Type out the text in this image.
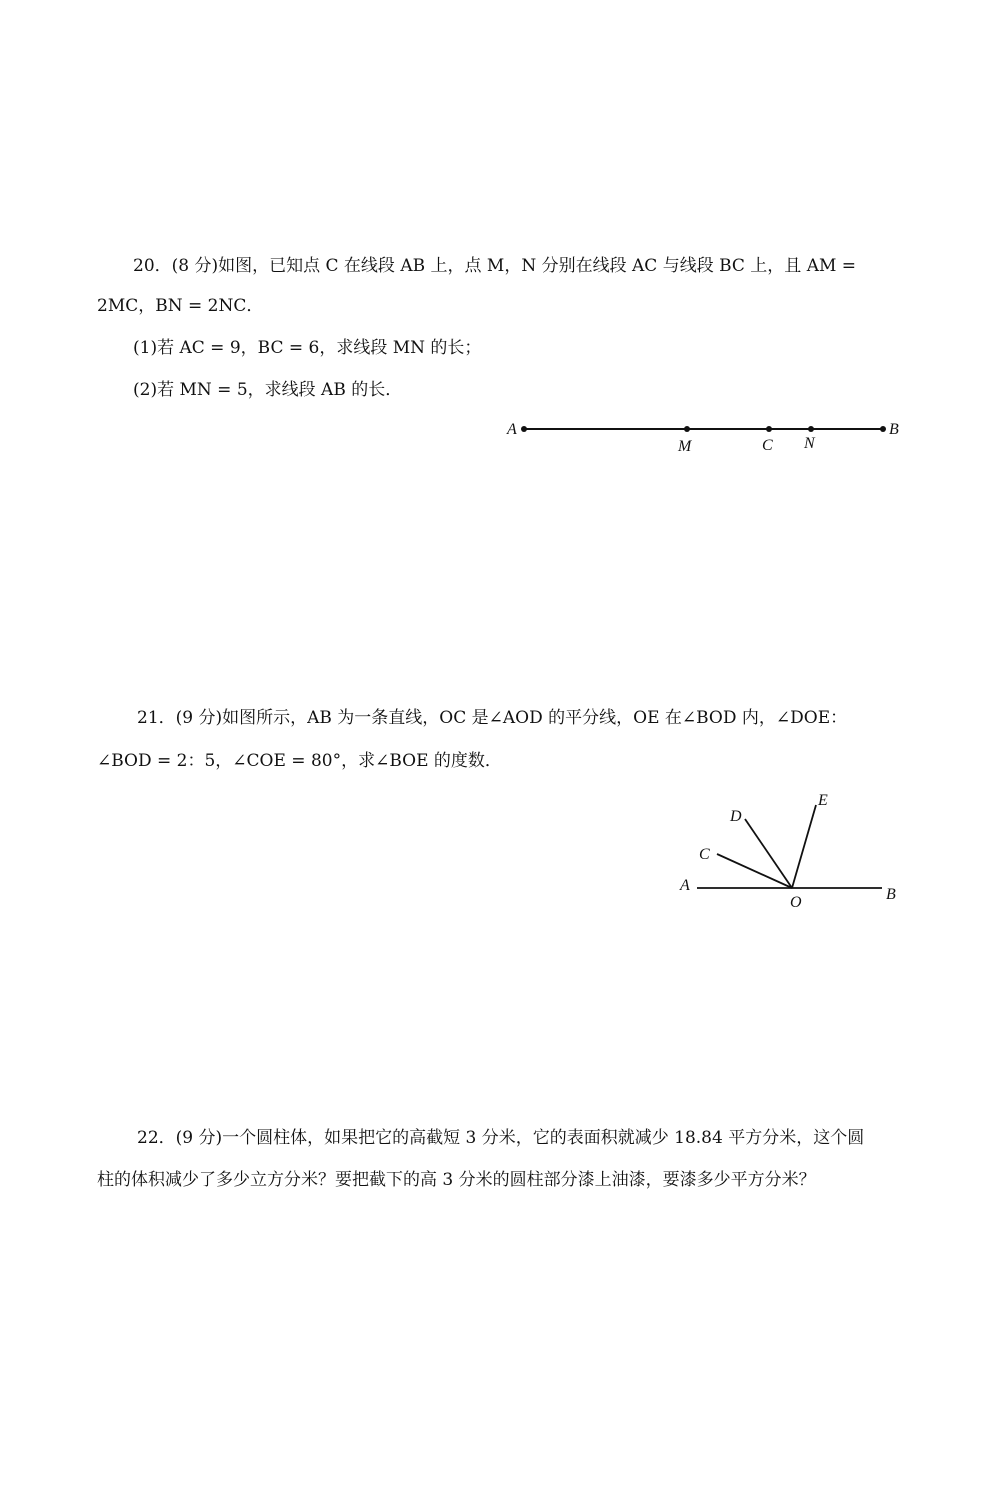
20．(8 分)如图，已知点 C 在线段 AB 上，点 M，N 分别在线段 AC 与线段 BC 上，且 AM =
2MC，BN = 2NC．
(1)若 AC = 9，BC = 6，求线段 MN 的长；
(2)若 MN = 5，求线段 AB 的长．
A
M	C N
B
21．(9 分)如图所示，AB 为一条直线，OC 是∠AOD 的平分线，OE 在∠BOD 内，∠DOE：
∠BOD = 2：5，∠COE = 80°，求∠BOE 的度数．
A
B
O
C
D
E
22．(9 分)一个圆柱体，如果把它的高截短 3 分米，它的表面积就减少 18.84 平方分米，这个圆
柱的体积减少了多少立方分米？要把截下的高 3 分米的圆柱部分漆上油漆，要漆多少平方分米？
